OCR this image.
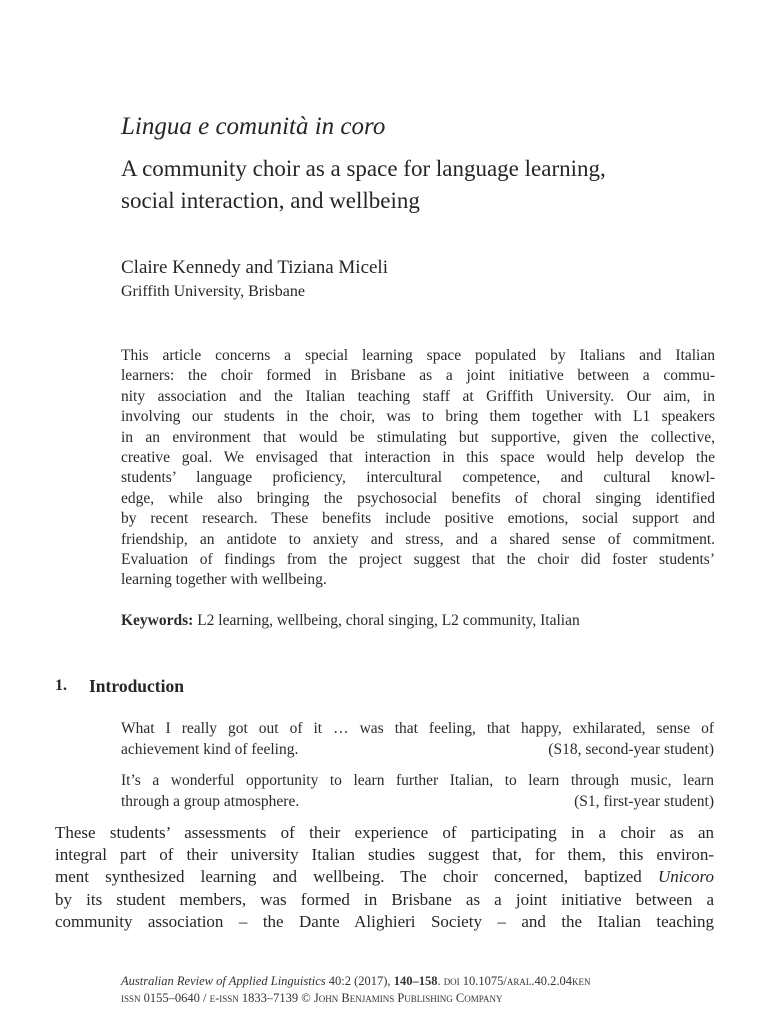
Lingua e comunità in coro
A community choir as a space for language learning,
social interaction, and wellbeing
Claire Kennedy and Tiziana Miceli
Griffith University, Brisbane
This article concerns a special learning space populated by Italians and Italian
learners: the choir formed in Brisbane as a joint initiative between a commu-
nity association and the Italian teaching staff at Griffith University. Our aim, in
involving our students in the choir, was to bring them together with L1 speakers
in an environment that would be stimulating but supportive, given the collective,
creative goal. We envisaged that interaction in this space would help develop the
students’ language proficiency, intercultural competence, and cultural knowl-
edge, while also bringing the psychosocial benefits of choral singing identified
by recent research. These benefits include positive emotions, social support and
friendship, an antidote to anxiety and stress, and a shared sense of commitment.
Evaluation of findings from the project suggest that the choir did foster students’
learning together with wellbeing.
Keywords: L2 learning, wellbeing, choral singing, L2 community, Italian
1. Introduction
What I really got out of it … was that feeling, that happy, exhilarated, sense of
achievement kind of feeling.	(S18, second-year student)
It’s a wonderful opportunity to learn further Italian, to learn through music, learn
through a group atmosphere.	(S1, first-year student)
These students’ assessments of their experience of participating in a choir as an
integral part of their university Italian studies suggest that, for them, this environ-
ment synthesized learning and wellbeing. The choir concerned, baptized Unicoro
by its student members, was formed in Brisbane as a joint initiative between a
community association – the Dante Alighieri Society – and the Italian teaching
Australian Review of Applied Linguistics 40:2 (2017), 140–158. doi 10.1075/aral.40.2.04ken
issn 0155–0640 / e-issn 1833–7139 © John Benjamins Publishing Company
